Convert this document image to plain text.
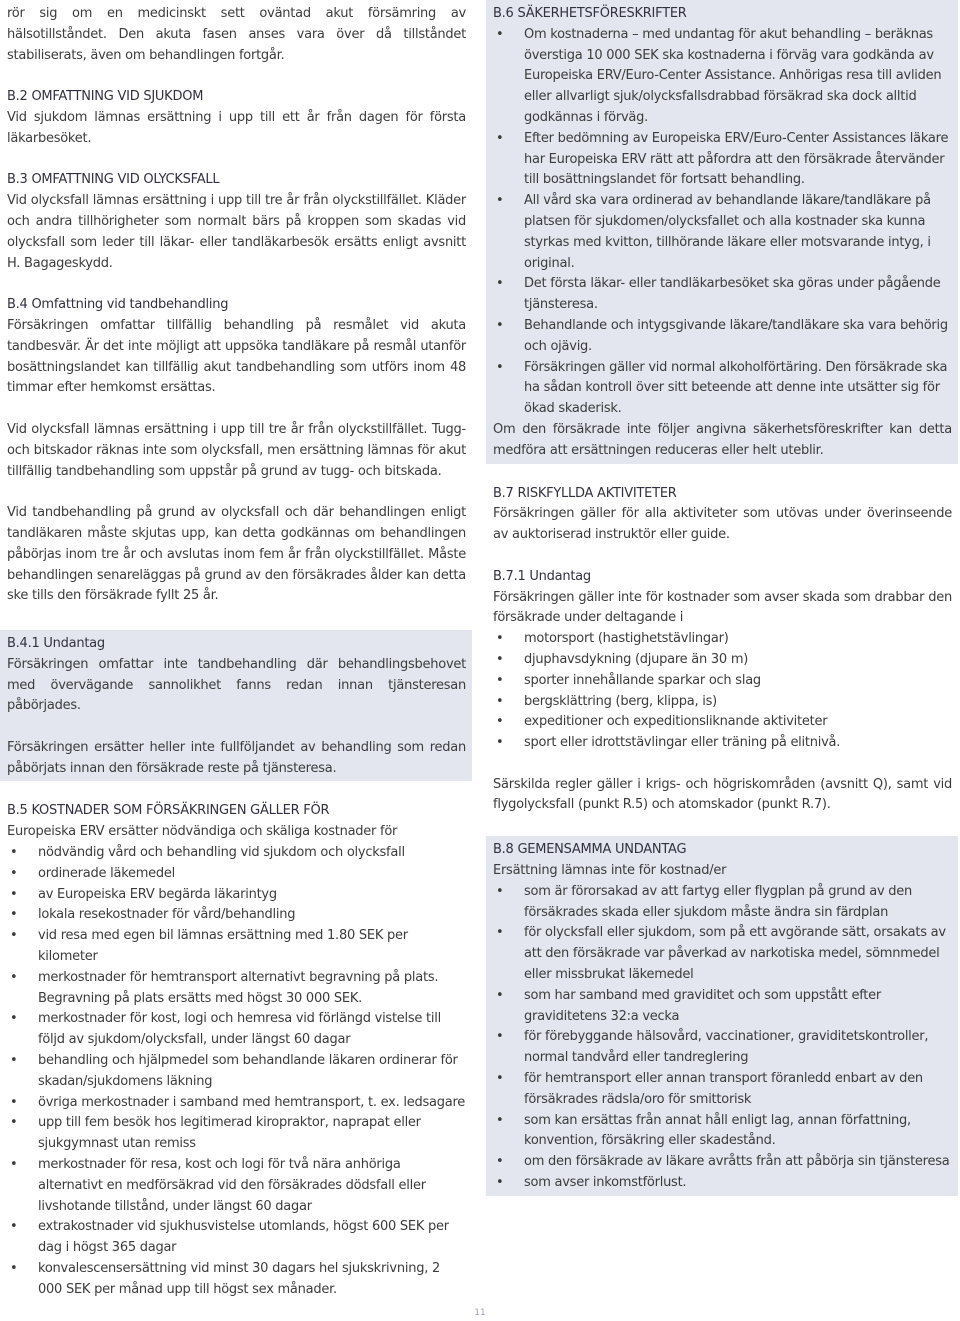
rör sig om en medicinskt sett oväntad akut försämring av hälsotillståndet. Den akuta fasen anses vara över då tillståndet stabiliserats, även om behandlingen fortgår.

B.2 OMFATTNING VID SJUKDOM

Vid sjukdom lämnas ersättning i upp till ett år från dagen för första läkarbesöket.

B.3 OMFATTNING VID OLYCKSFALL

Vid olycksfall lämnas ersättning i upp till tre år från olyckstillfället. Kläder och andra tillhörigheter som normalt bärs på kroppen som skadas vid olycksfall som leder till läkar- eller tandläkarbesök ersätts enligt avsnitt H. Bagageskydd.

B.4 Omfattning vid tandbehandling

Försäkringen omfattar tillfällig behandling på resmålet vid akuta tandbesvär. Är det inte möjligt att uppsöka tandläkare på resmål utanför bosättningslandet kan tillfällig akut tandbehandling som utförs inom 48 timmar efter hemkomst ersättas.

Vid olycksfall lämnas ersättning i upp till tre år från olyckstillfället. Tugg- och bitskador räknas inte som olycksfall, men ersättning lämnas för akut tillfällig tandbehandling som uppstår på grund av tugg- och bitskada.

Vid tandbehandling på grund av olycksfall och där behandlingen enligt tandläkaren måste skjutas upp, kan detta godkännas om behandlingen påbörjas inom tre år och avslutas inom fem år från olyckstillfället. Måste behandlingen senareläggas på grund av den försäkrades ålder kan detta ske tills den försäkrade fyllt 25 år.

B.4.1 Undantag

Försäkringen omfattar inte tandbehandling där behandlingsbehovet med övervägande sannolikhet fanns redan innan tjänsteresan påbörjades.

Försäkringen ersätter heller inte fullföljandet av behandling som redan påbörjats innan den försäkrade reste på tjänsteresa.

B.5 KOSTNADER SOM FÖRSÄKRINGEN GÄLLER FÖR

Europeiska ERV ersätter nödvändiga och skäliga kostnader för

• nödvändig vård och behandling vid sjukdom och olycksfall
• ordinerade läkemedel
• av Europeiska ERV begärda läkarintyg
• lokala resekostnader för vård/behandling
• vid resa med egen bil lämnas ersättning med 1.80 SEK per kilometer
• merkostnader för hemtransport alternativt begravning på plats. Begravning på plats ersätts med högst 30 000 SEK.
• merkostnader för kost, logi och hemresa vid förlängd vistelse till följd av sjukdom/olycksfall, under längst 60 dagar
• behandling och hjälpmedel som behandlande läkaren ordinerar för skadan/sjukdomens läkning
• övriga merkostnader i samband med hemtransport, t. ex. ledsagare
• upp till fem besök hos legitimerad kiropraktor, naprapat eller sjukgymnast utan remiss
• merkostnader för resa, kost och logi för två nära anhöriga alternativt en medförsäkrad vid den försäkrades dödsfall eller livshotande tillstånd, under längst 60 dagar
• extrakostnader vid sjukhusvistelse utomlands, högst 600 SEK per dag i högst 365 dagar
• konvalescensersättning vid minst 30 dagars hel sjukskrivning, 2 000 SEK per månad upp till högst sex månader.
B.6 SÄKERHETSFÖRESKRIFTER
• Om kostnaderna – med undantag för akut behandling – beräknas överstiga 10 000 SEK ska kostnaderna i förväg vara godkända av Europeiska ERV/Euro-Center Assistance. Anhörigas resa till avliden eller allvarligt sjuk/olycksfallsdrabbad försäkrad ska dock alltid godkännas i förväg.
• Efter bedömning av Europeiska ERV/Euro-Center Assistances läkare har Europeiska ERV rätt att påfordra att den försäkrade återvänder till bosättningslandet för fortsatt behandling.
• All vård ska vara ordinerad av behandlande läkare/tandläkare på platsen för sjukdomen/olycksfallet och alla kostnader ska kunna styrkas med kvitton, tillhörande läkare eller motsvarande intyg, i original.
• Det första läkar- eller tandläkarbesöket ska göras under pågående tjänsteresa.
• Behandlande och intygsgivande läkare/tandläkare ska vara behörig och ojävig.
• Försäkringen gäller vid normal alkoholförtäring. Den försäkrade ska ha sådan kontroll över sitt beteende att denne inte utsätter sig för ökad skaderisk.

Om den försäkrade inte följer angivna säkerhetsföreskrifter kan detta medföra att ersättningen reduceras eller helt uteblir.

B.7 RISKFYLLDA AKTIVITETER

Försäkringen gäller för alla aktiviteter som utövas under överinseende av auktoriserad instruktör eller guide.

B.7.1 Undantag

Försäkringen gäller inte för kostnader som avser skada som drabbar den försäkrade under deltagande i

• motorsport (hastighetstävlingar)
• djuphavsdykning (djupare än 30 m)
• sporter innehållande sparkar och slag
• bergsklättring (berg, klippa, is)
• expeditioner och expeditionsliknande aktiviteter
• sport eller idrottstävlingar eller träning på elitnivå.

Särskilda regler gäller i krigs- och högriskområden (avsnitt Q), samt vid flygolycksfall (punkt R.5) och atomskador (punkt R.7).

B.8 GEMENSAMMA UNDANTAG

Ersättning lämnas inte för kostnad/er

• som är förorsakad av att fartyg eller flygplan på grund av den försäkrades skada eller sjukdom måste ändra sin färdplan
• för olycksfall eller sjukdom, som på ett avgörande sätt, orsakats av att den försäkrade var påverkad av narkotiska medel, sömnmedel eller missbrukat läkemedel
• som har samband med graviditet och som uppstått efter graviditetens 32:a vecka
• för förebyggande hälsovård, vaccinationer, graviditetskontroller, normal tandvård eller tandreglering
• för hemtransport eller annan transport föranledd enbart av den försäkrades rädsla/oro för smittorisk
• som kan ersättas från annat håll enligt lag, annan författning, konvention, försäkring eller skadestånd.
• om den försäkrade av läkare avråtts från att påbörja sin tjänsteresa
• som avser inkomstförlust.
11
